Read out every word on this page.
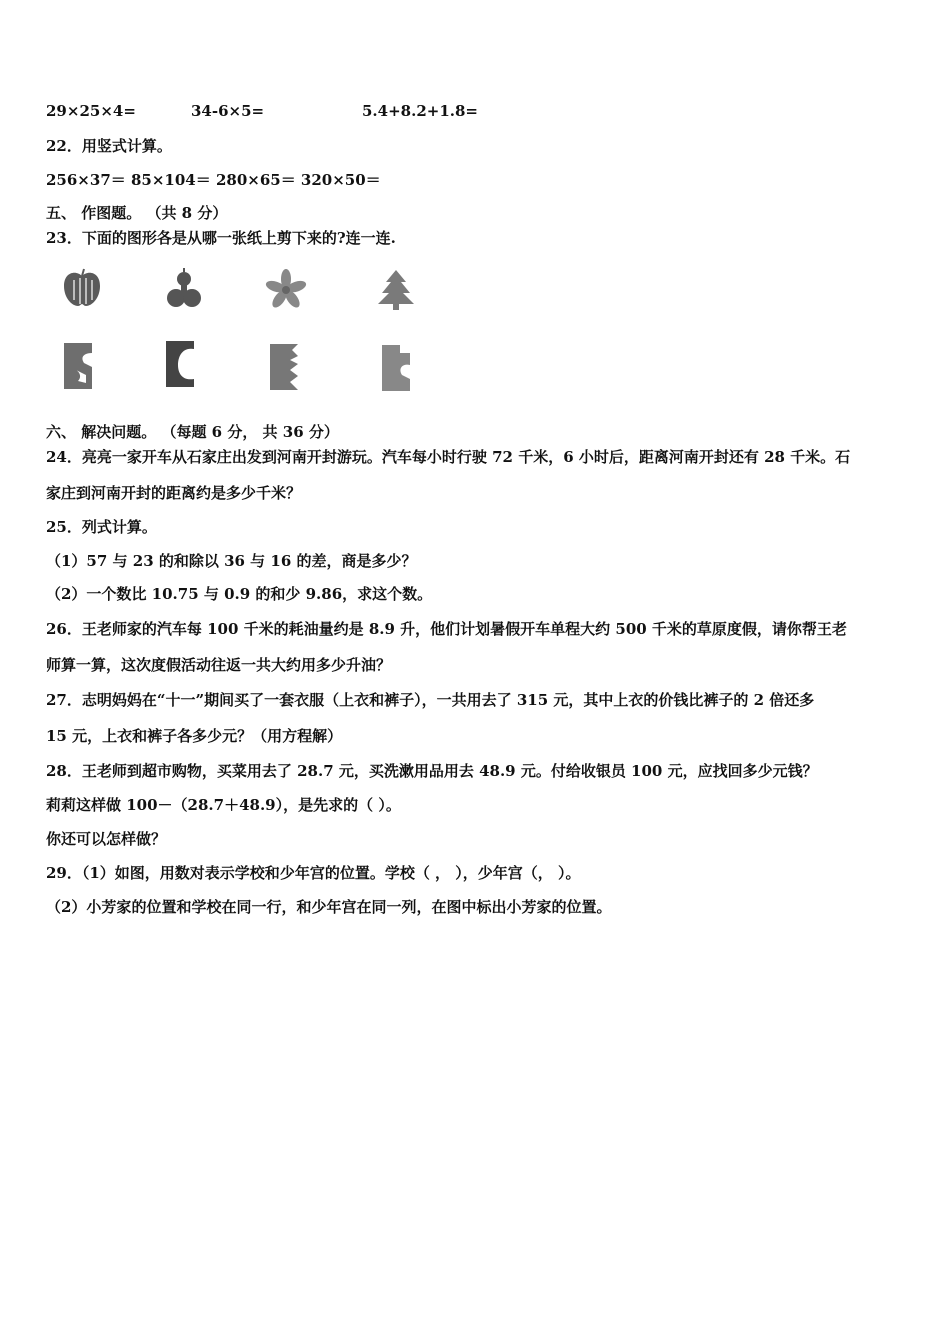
29×25×4=	34-6×5=	5.4+8.2+1.8=
22．用竖式计算。
256×37＝ 85×104＝ 280×65＝ 320×50＝
五、 作图题。 （共 8 分）
23．下面的图形各是从哪一张纸上剪下来的?连一连.
六、 解决问题。 （每题 6 分， 共 36 分）
24．亮亮一家开车从石家庄出发到河南开封游玩。汽车每小时行驶 72 千米，6 小时后，距离河南开封还有 28 千米。石
家庄到河南开封的距离约是多少千米？
25．列式计算。
（1）57 与 23 的和除以 36 与 16 的差，商是多少？
（2）一个数比 10.75 与 0.9 的和少 9.86，求这个数。
26．王老师家的汽车每 100 千米的耗油量约是 8.9 升，他们计划暑假开车单程大约 500 千米的草原度假，请你帮王老
师算一算，这次度假活动往返一共大约用多少升油？
27．志明妈妈在“十一”期间买了一套衣服（上衣和裤子），一共用去了 315 元，其中上衣的价钱比裤子的 2 倍还多
15 元，上衣和裤子各多少元？（用方程解）
28．王老师到超市购物，买菜用去了 28.7 元，买洗漱用品用去 48.9 元。付给收银员 100 元，应找回多少元钱？
莉莉这样做 100－（28.7＋48.9），是先求的（ ）。
你还可以怎样做？
29．（1）如图，用数对表示学校和少年宫的位置。学校（ ， ），少年宫（， ）。
（2）小芳家的位置和学校在同一行，和少年宫在同一列，在图中标出小芳家的位置。
